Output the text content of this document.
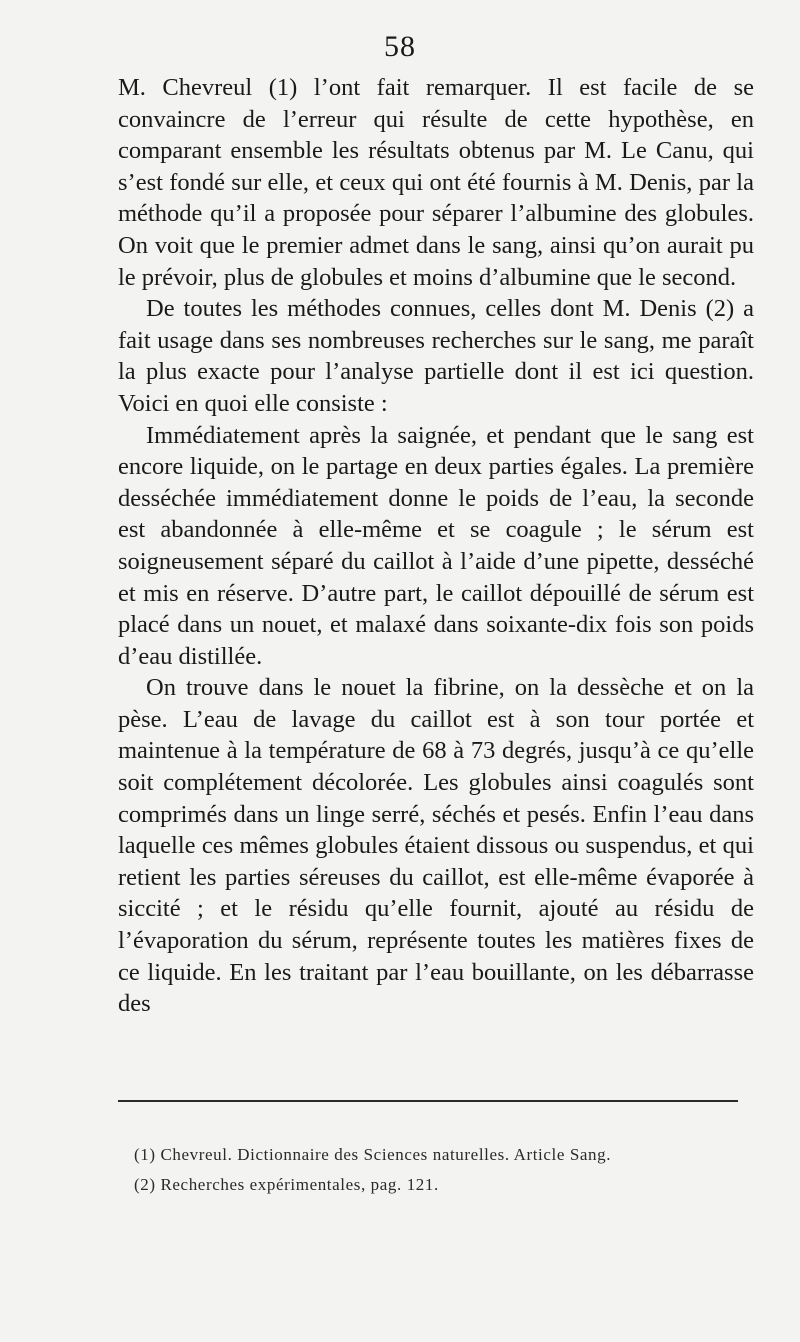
58

M. Chevreul (1) l’ont fait remarquer. Il est facile de se convaincre de l’erreur qui résulte de cette hypothèse, en comparant ensemble les résultats obtenus par M. Le Canu, qui s’est fondé sur elle, et ceux qui ont été fournis à M. Denis, par la méthode qu’il a proposée pour séparer l’albumine des globules. On voit que le premier admet dans le sang, ainsi qu’on aurait pu le prévoir, plus de globules et moins d’albumine que le second.

De toutes les méthodes connues, celles dont M. Denis (2) a fait usage dans ses nombreuses recherches sur le sang, me paraît la plus exacte pour l’analyse partielle dont il est ici question. Voici en quoi elle consiste :

Immédiatement après la saignée, et pendant que le sang est encore liquide, on le partage en deux parties égales. La première desséchée immédiatement donne le poids de l’eau, la seconde est abandonnée à elle-même et se coagule ; le sérum est soigneusement séparé du caillot à l’aide d’une pipette, desséché et mis en réserve. D’autre part, le caillot dépouillé de sérum est placé dans un nouet, et malaxé dans soixante-dix fois son poids d’eau distillée.

On trouve dans le nouet la fibrine, on la dessèche et on la pèse. L’eau de lavage du caillot est à son tour portée et maintenue à la température de 68 à 73 degrés, jusqu’à ce qu’elle soit complétement décolorée. Les globules ainsi coagulés sont comprimés dans un linge serré, séchés et pesés. Enfin l’eau dans laquelle ces mêmes globules étaient dissous ou suspendus, et qui retient les parties séreuses du caillot, est elle-même évaporée à siccité ; et le résidu qu’elle fournit, ajouté au résidu de l’évaporation du sérum, représente toutes les matières fixes de ce liquide. En les traitant par l’eau bouillante, on les débarrasse des

(1) Chevreul. Dictionnaire des Sciences naturelles. Article Sang.

(2) Recherches expérimentales, pag. 121.
